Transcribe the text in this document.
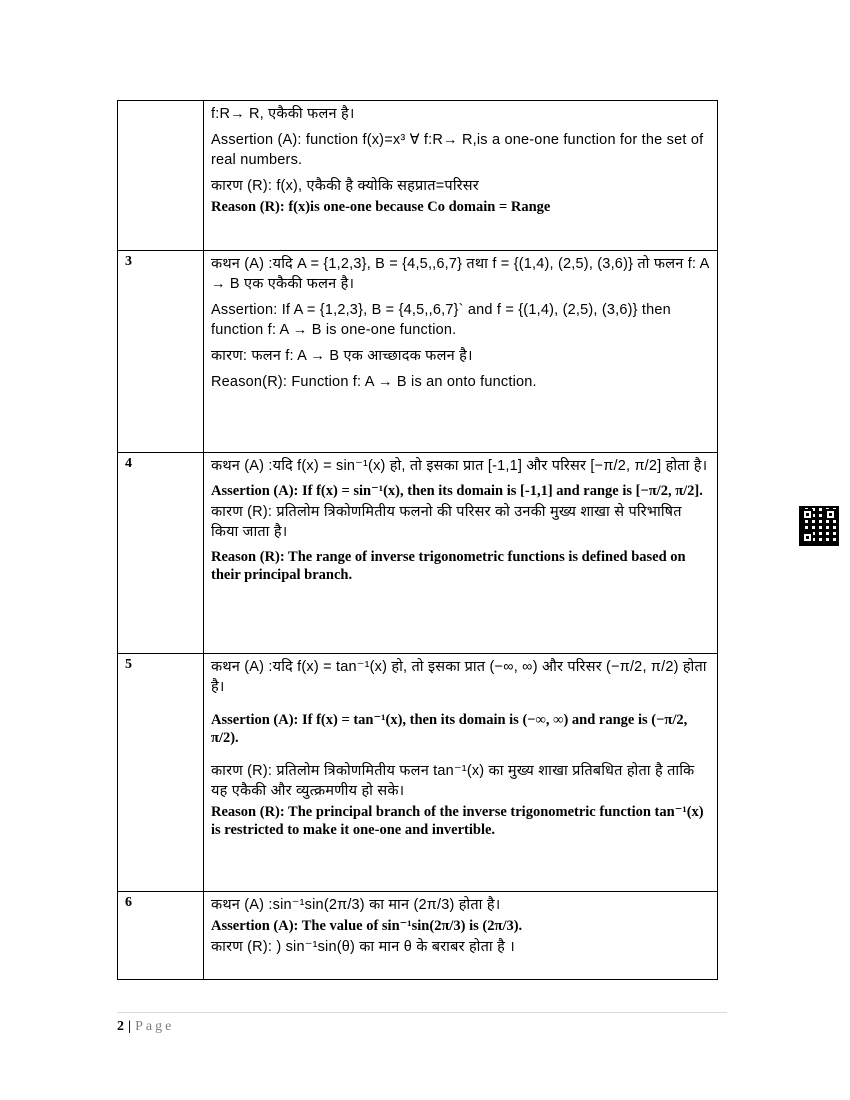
	f:R→ R, एकैकी फलन है।
Assertion (A): function f(x)=x³ ∀ f:R→ R,is a one-one function for the set of real numbers.
कारण (R): f(x), एकैकी है क्योकि सहप्रात=परिसर
Reason (R): f(x)is one-one because Co domain = Range

3	कथन (A) :यदि A = {1,2,3}, B = {4,5,,6,7} तथा f = {(1,4), (2,5), (3,6)} तो फलन f: A → B एक एकैकी फलन है।
Assertion: If A = {1,2,3}, B = {4,5,,6,7}` and f = {(1,4), (2,5), (3,6)} then function f: A → B is one-one function.
कारण: फलन f: A → B एक आच्छादक फलन है।
Reason(R): Function f: A → B is an onto function.

4	कथन (A) :यदि f(x) = sin⁻¹(x) हो, तो इसका प्रात [-1,1] और परिसर [−π/2, π/2] होता है।
Assertion (A): If f(x) = sin⁻¹(x), then its domain is [-1,1] and range is [−π/2, π/2].
कारण (R): प्रतिलोम त्रिकोणमितीय फलनो की परिसर को उनकी मुख्य शाखा से परिभाषित किया जाता है।
Reason (R): The range of inverse trigonometric functions is defined based on their principal branch.

5	कथन (A) :यदि f(x) = tan⁻¹(x) हो, तो इसका प्रात (−∞, ∞) और परिसर (−π/2, π/2) होता है।
Assertion (A): If f(x) = tan⁻¹(x), then its domain is (−∞, ∞) and range is (−π/2, π/2).
कारण (R): प्रतिलोम त्रिकोणमितीय फलन tan⁻¹(x) का मुख्य शाखा प्रतिबधित होता है ताकि यह एकैकी और व्युत्क्रमणीय हो सके।
Reason (R): The principal branch of the inverse trigonometric function tan⁻¹(x) is restricted to make it one-one and invertible.

6	कथन (A) :sin⁻¹sin(2π/3) का मान (2π/3) होता है।
Assertion (A): The value of sin⁻¹sin(2π/3) is (2π/3).
कारण (R): ) sin⁻¹sin(θ) का मान θ के बराबर होता है ।
2 | Page
